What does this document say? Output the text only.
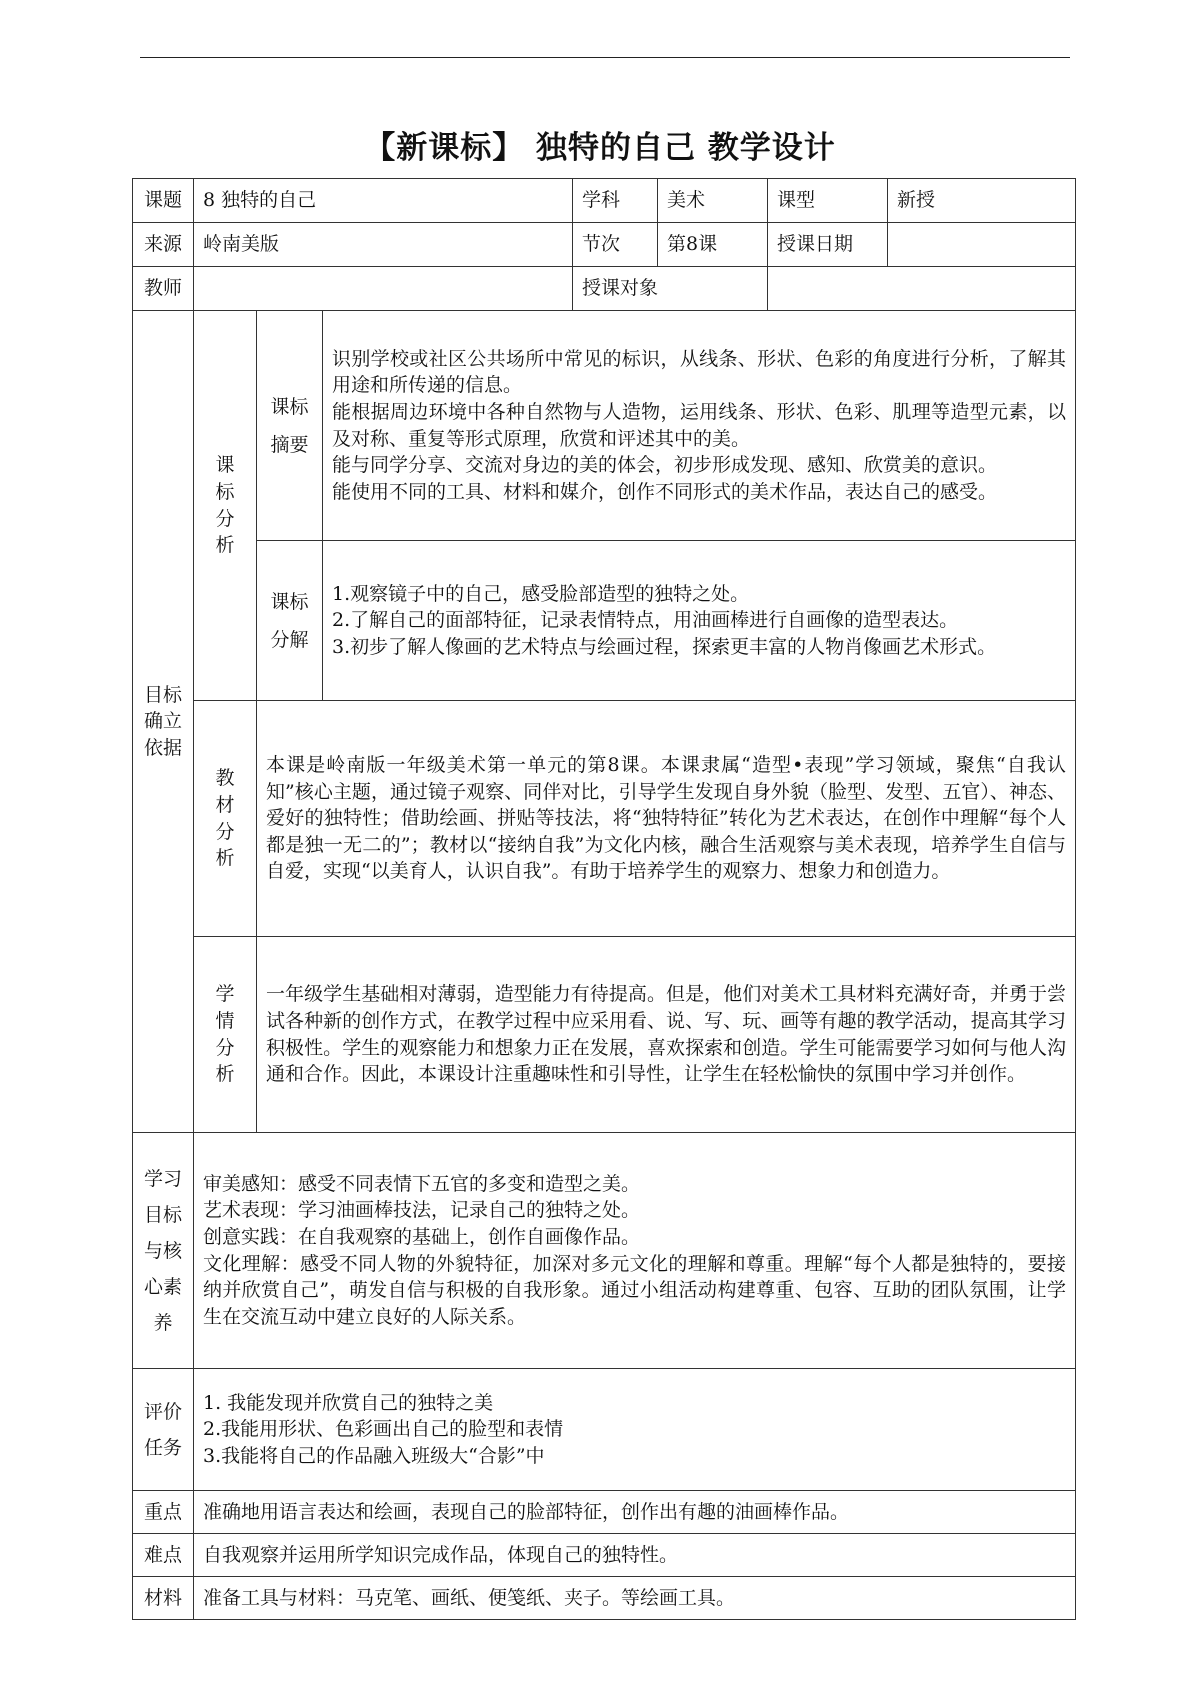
【新课标】 独特的自己 教学设计
课题	8 独特的自己			学科	美术	课型	新授
来源	岭南美版			节次	第8课	授课日期	
教师				授课对象			
目标确立依据	课标分析	课标摘要	识别学校或社区公共场所中常见的标识，从线条、形状、色彩的角度进行分析，了解其用途和所传递的信息。
能根据周边环境中各种自然物与人造物，运用线条、形状、色彩、肌理等造型元素，以及对称、重复等形式原理，欣赏和评述其中的美。
能与同学分享、交流对身边的美的体会，初步形成发现、感知、欣赏美的意识。
能使用不同的工具、材料和媒介，创作不同形式的美术作品，表达自己的感受。				

		课标分解	1.观察镜子中的自己，感受脸部造型的独特之处。
2.了解自己的面部特征，记录表情特点，用油画棒进行自画像的造型表达。
3.初步了解人像画的艺术特点与绘画过程，探索更丰富的人物肖像画艺术形式。				

	教材分析	本课是岭南版一年级美术第一单元的第8课。本课隶属“造型•表现”学习领域，聚焦“自我认知”核心主题，通过镜子观察、同伴对比，引导学生发现自身外貌（脸型、发型、五官）、神态、爱好的独特性；借助绘画、拼贴等技法，将“独特特征”转化为艺术表达，在创作中理解“每个人都是独一无二的”；教材以“接纳自我”为文化内核，融合生活观察与美术表现，培养学生自信与自爱，实现“以美育人，认识自我”。有助于培养学生的观察力、想象力和创造力。					

	学情分析	一年级学生基础相对薄弱，造型能力有待提高。但是，他们对美术工具材料充满好奇，并勇于尝试各种新的创作方式，在教学过程中应采用看、说、写、玩、画等有趣的教学活动，提高其学习积极性。学生的观察能力和想象力正在发展，喜欢探索和创造。学生可能需要学习如何与他人沟通和合作。因此，本课设计注重趣味性和引导性，让学生在轻松愉快的氛围中学习并创作。					

学习目标与核心素养	审美感知：感受不同表情下五官的多变和造型之美。
艺术表现：学习油画棒技法，记录自己的独特之处。
创意实践：在自我观察的基础上，创作自画像作品。
文化理解：感受不同人物的外貌特征，加深对多元文化的理解和尊重。理解“每个人都是独特的，要接纳并欣赏自己”，萌发自信与积极的自我形象。通过小组活动构建尊重、包容、互助的团队氛围，让学生在交流互动中建立良好的人际关系。						

评价任务	1. 我能发现并欣赏自己的独特之美
2.我能用形状、色彩画出自己的脸型和表情
3.我能将自己的作品融入班级大“合影”中						

重点	准确地用语言表达和绘画，表现自己的脸部特征，创作出有趣的油画棒作品。						
难点	自我观察并运用所学知识完成作品，体现自己的独特性。						
材料	准备工具与材料：马克笔、画纸、便笺纸、夹子。等绘画工具。						
